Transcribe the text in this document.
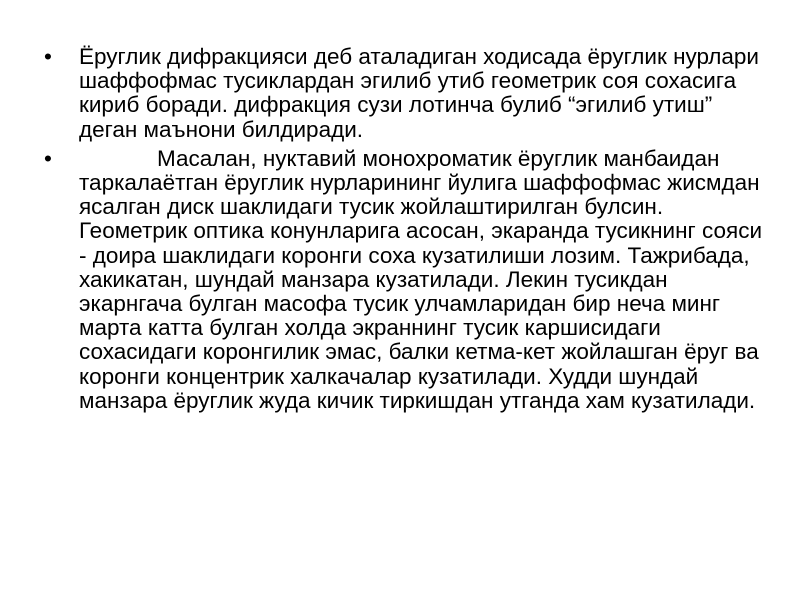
•	Ёруглик дифракцияси деб аталадиган ходисада ёруглик нурлари шаффофмас тусиклардан эгилиб утиб геометрик соя сохасига кириб боради. дифракция сузи лотинча булиб “эгилиб утиш” деган маънони билдиради.
•	Масалан, нуктавий монохроматик ёруглик манбаидан таркалаётган ёруглик нурларининг йулига шаффофмас жисмдан ясалган диск шаклидаги тусик жойлаштирилган булсин. Геометрик оптика конунларига асосан, экаранда тусикнинг сояси - доира шаклидаги коронги соха кузатилиши лозим. Тажрибада, хакикатан, шундай манзара кузатилади. Лекин тусикдан экарнгача булган масофа тусик улчамларидан бир неча минг марта катта булган холда экраннинг тусик каршисидаги сохасидаги коронгилик эмас, балки кетма-кет жойлашган ёруг ва коронги концентрик халкачалар кузатилади. Худди шундай манзара ёруглик жуда кичик тиркишдан утганда хам кузатилади.
